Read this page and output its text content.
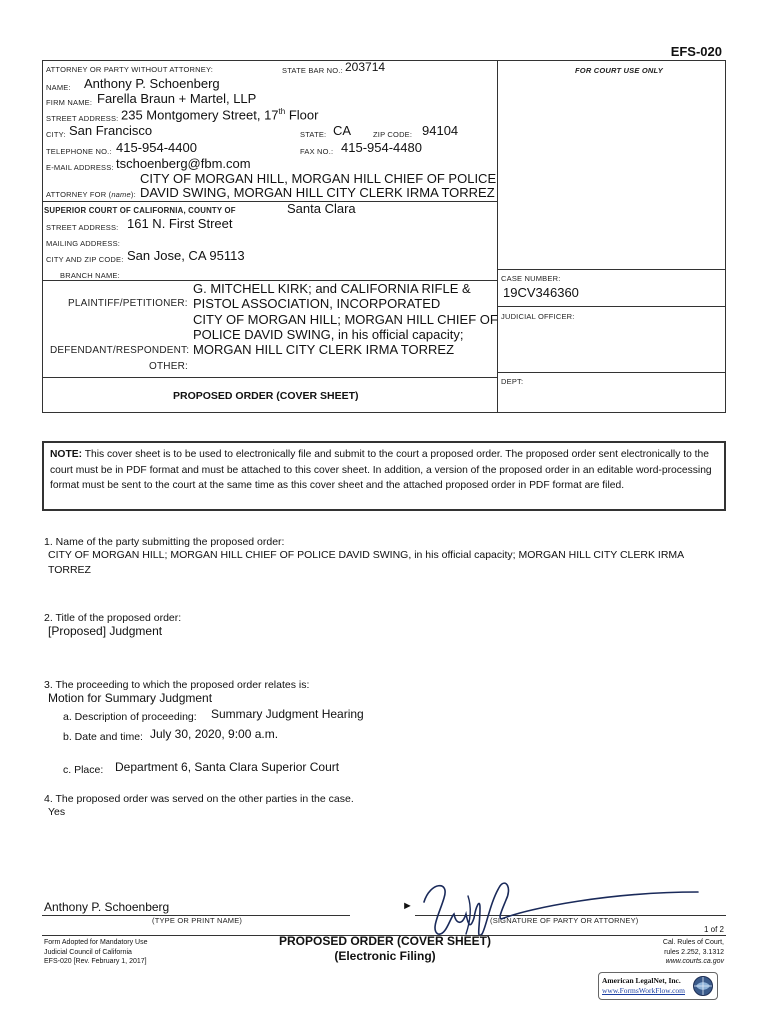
EFS-020
ATTORNEY OR PARTY WITHOUT ATTORNEY:	STATE BAR NO.: 203714	FOR COURT USE ONLY
NAME: Anthony P. Schoenberg
FIRM NAME: Farella Braun + Martel, LLP
STREET ADDRESS: 235 Montgomery Street, 17th Floor
CITY: San Francisco	STATE: CA	ZIP CODE: 94104
TELEPHONE NO.: 415-954-4400	FAX NO.: 415-954-4480
E-MAIL ADDRESS: tschoenberg@fbm.com
CITY OF MORGAN HILL, MORGAN HILL CHIEF OF POLICE
ATTORNEY FOR (name): DAVID SWING, MORGAN HILL CITY CLERK IRMA TORREZ
SUPERIOR COURT OF CALIFORNIA, COUNTY OF	Santa Clara
STREET ADDRESS: 161 N. First Street
MAILING ADDRESS:
CITY AND ZIP CODE: San Jose, CA 95113
BRANCH NAME:
G. MITCHELL KIRK; and CALIFORNIA RIFLE &
PLAINTIFF/PETITIONER: PISTOL ASSOCIATION, INCORPORATED
CITY OF MORGAN HILL; MORGAN HILL CHIEF OF
POLICE DAVID SWING, in his official capacity;
DEFENDANT/RESPONDENT: MORGAN HILL CITY CLERK IRMA TORREZ
OTHER:
PROPOSED ORDER (COVER SHEET)
CASE NUMBER:
19CV346360
JUDICIAL OFFICER:
DEPT:
NOTE: This cover sheet is to be used to electronically file and submit to the court a proposed order. The proposed order sent electronically to the court must be in PDF format and must be attached to this cover sheet. In addition, a version of the proposed order in an editable word-processing format must be sent to the court at the same time as this cover sheet and the attached proposed order in PDF format are filed.
1. Name of the party submitting the proposed order:
CITY OF MORGAN HILL; MORGAN HILL CHIEF OF POLICE DAVID SWING, in his official capacity; MORGAN HILL CITY CLERK IRMA TORREZ
2. Title of the proposed order:
[Proposed] Judgment
3. The proceeding to which the proposed order relates is:
Motion for Summary Judgment
a. Description of proceeding: Summary Judgment Hearing
b. Date and time: July 30, 2020, 9:00 a.m.
c. Place: Department 6, Santa Clara Superior Court
4. The proposed order was served on the other parties in the case.
Yes
Anthony P. Schoenberg
(TYPE OR PRINT NAME)
►
(SIGNATURE OF PARTY OR ATTORNEY)
1 of 2
Form Adopted for Mandatory Use
Judicial Council of California
EFS-020 [Rev. February 1, 2017]
PROPOSED ORDER (COVER SHEET)
(Electronic Filing)
Cal. Rules of Court,
rules 2.252, 3.1312
www.courts.ca.gov
American LegalNet, Inc.
www.FormsWorkFlow.com
